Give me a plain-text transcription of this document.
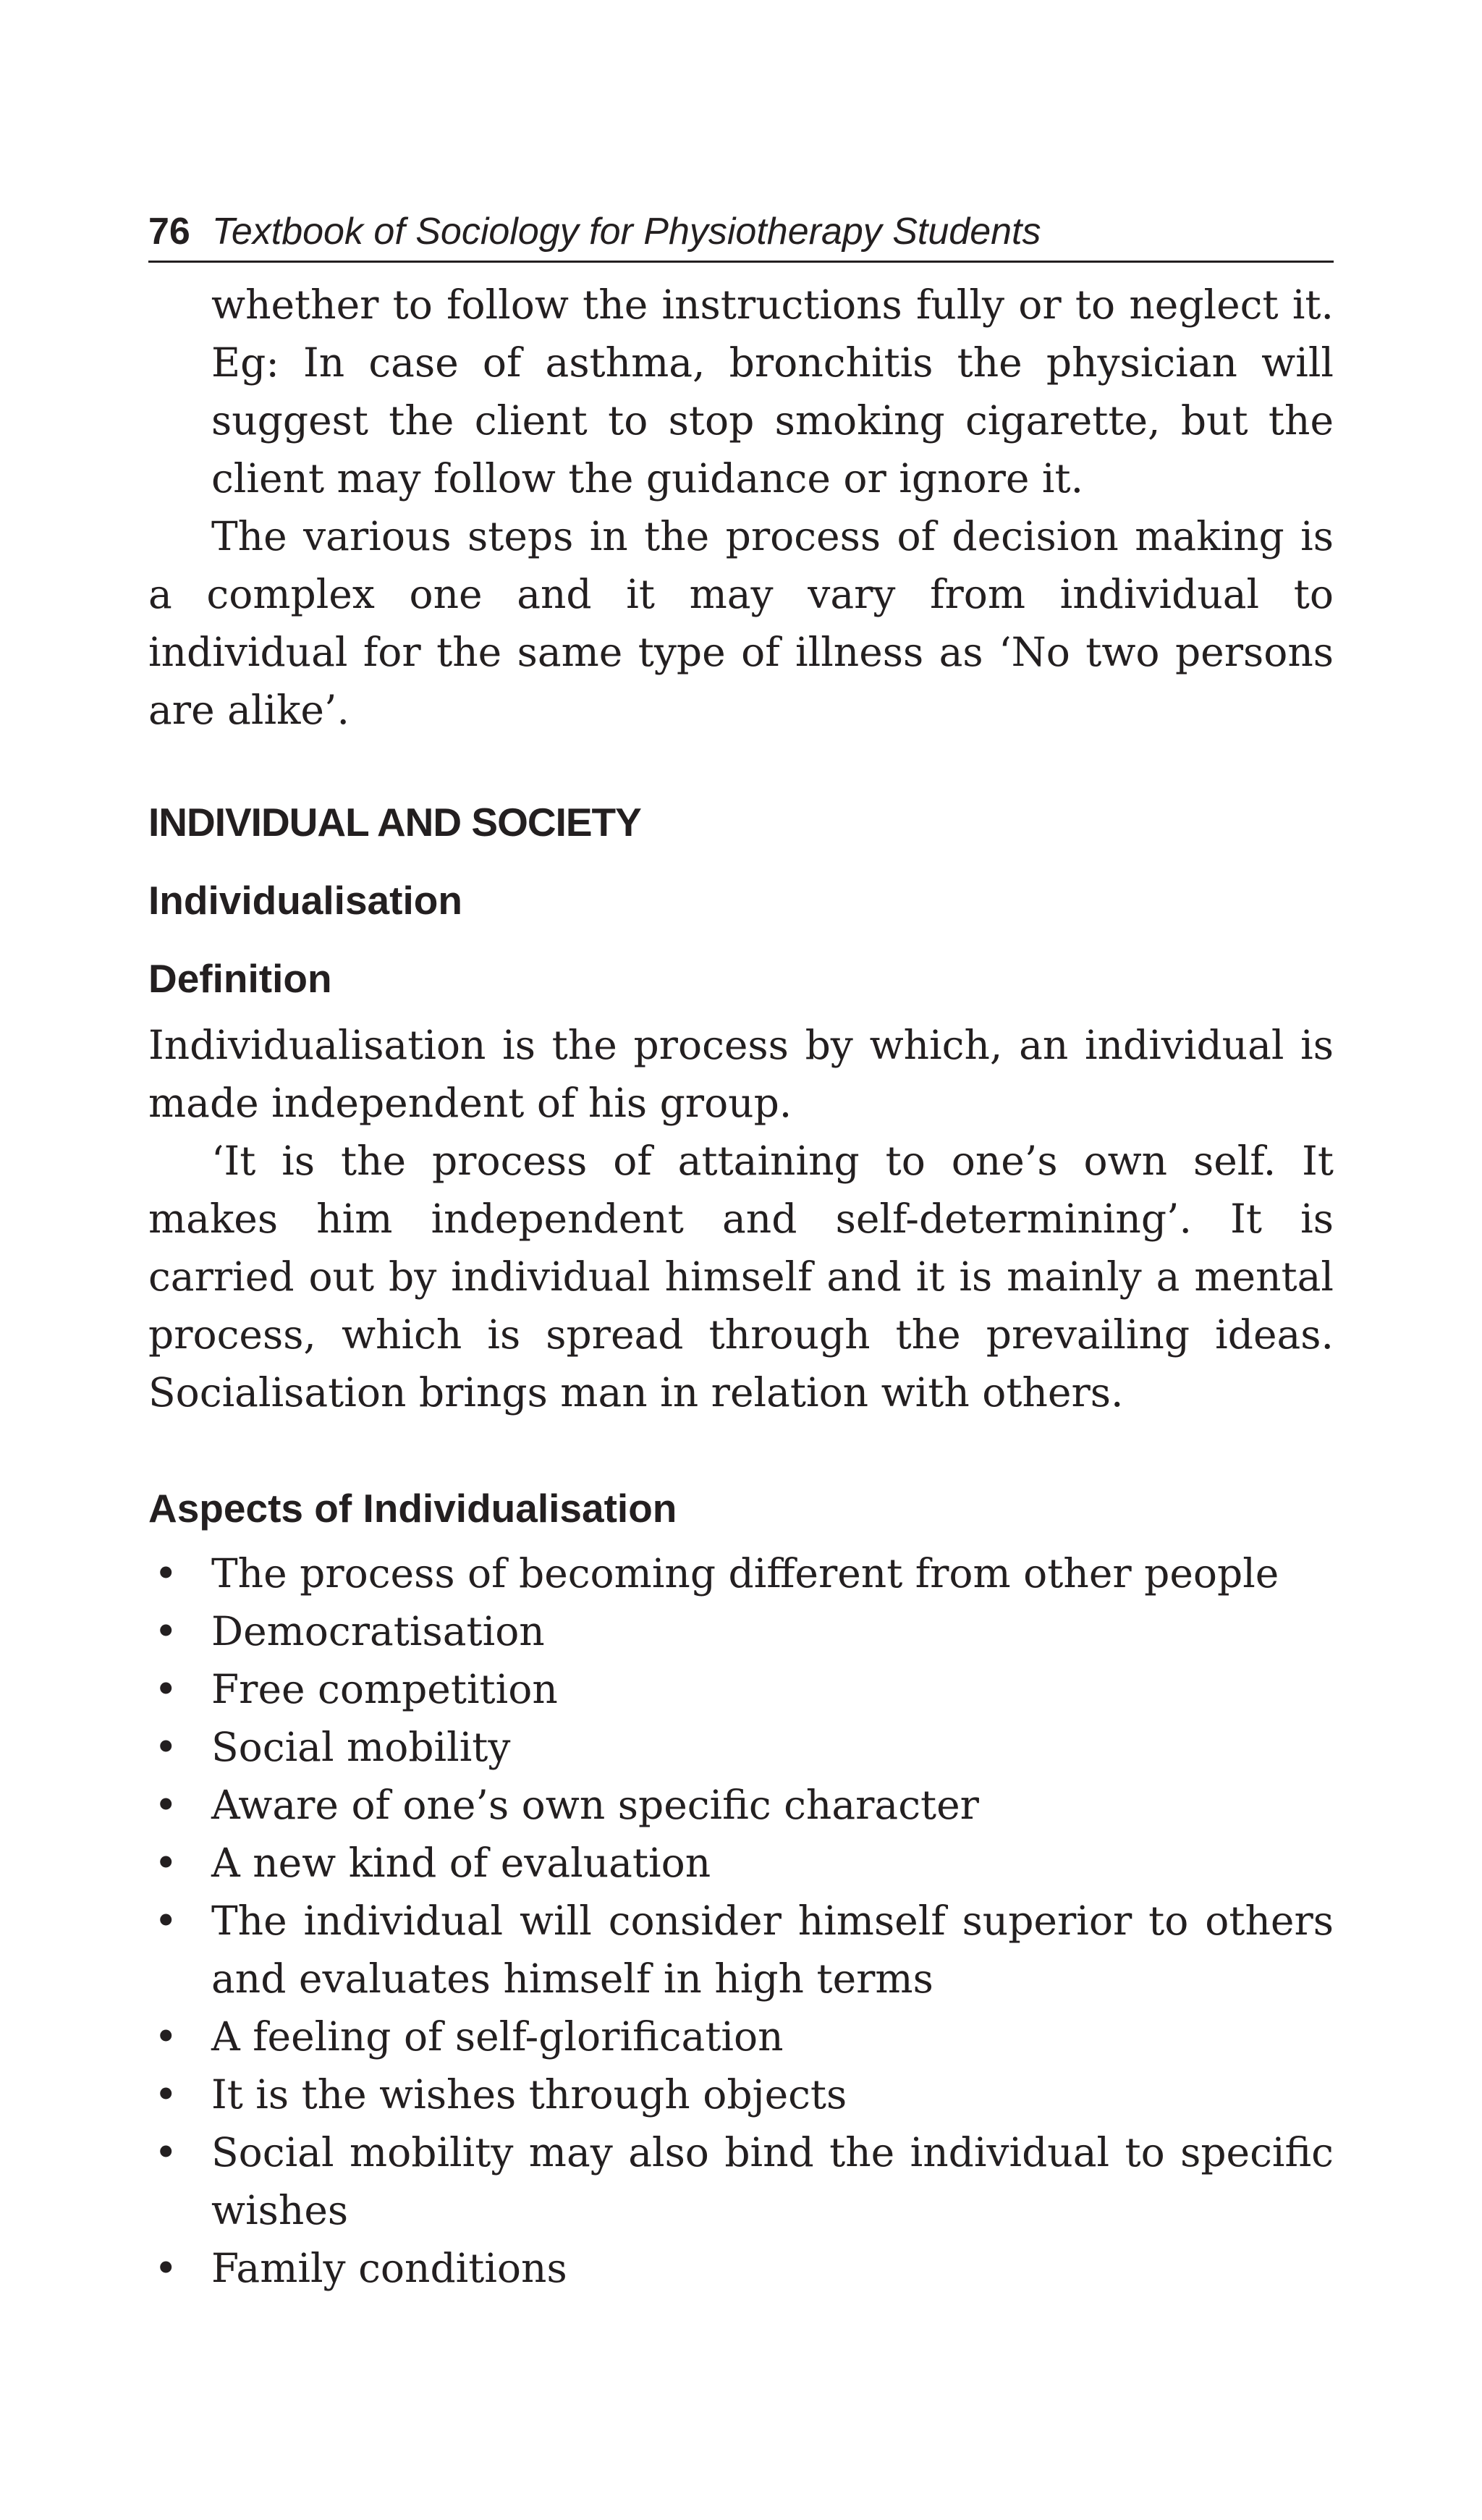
76 Textbook of Sociology for Physiotherapy Students

whether to follow the instructions fully or to neglect it. Eg: In case of asthma, bronchitis the physician will suggest the client to stop smoking cigarette, but the client may follow the guidance or ignore it.

The various steps in the process of decision making is a complex one and it may vary from individual to individual for the same type of illness as ‘No two persons are alike’.

INDIVIDUAL AND SOCIETY
Individualisation
Definition

Individualisation is the process by which, an individual is made independent of his group.

‘It is the process of attaining to one’s own self. It makes him independent and self-determining’. It is carried out by individual himself and it is mainly a mental process, which is spread through the prevailing ideas. Socialisation brings man in relation with others.

Aspects of Individualisation
• The process of becoming different from other people
• Democratisation
• Free competition
• Social mobility
• Aware of one’s own specific character
• A new kind of evaluation
• The individual will consider himself superior to others and evaluates himself in high terms
• A feeling of self-glorification
• It is the wishes through objects
• Social mobility may also bind the individual to specific wishes
• Family conditions
